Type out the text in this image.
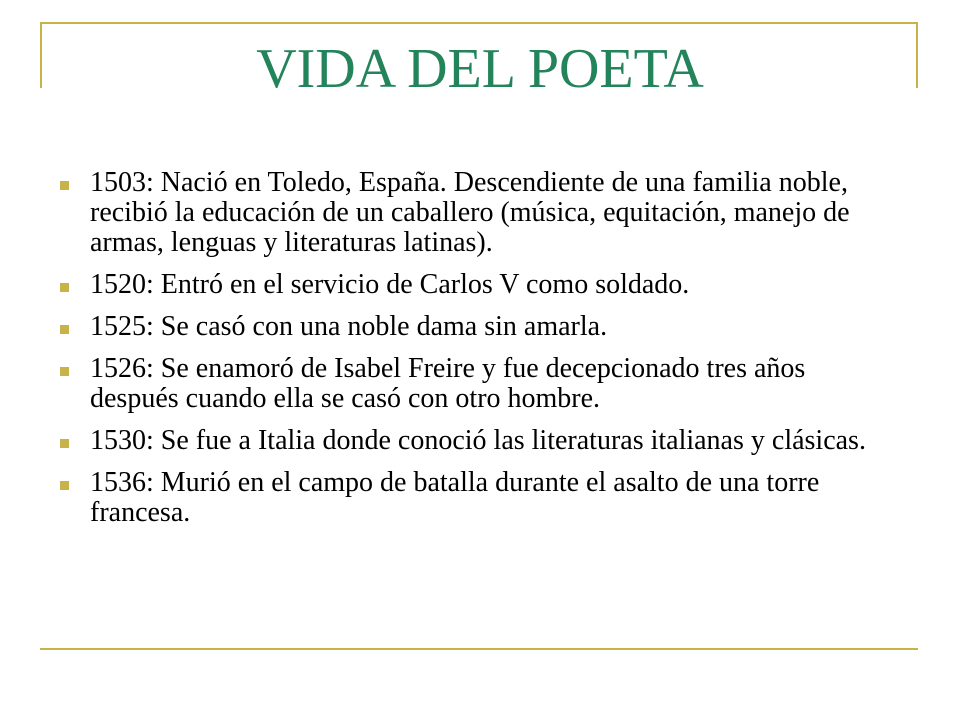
VIDA DEL POETA
1503: Nació en Toledo, España. Descendiente de una familia noble, recibió la educación de un caballero (música, equitación, manejo de armas, lenguas y literaturas latinas).
1520: Entró en el servicio de Carlos V como soldado.
1525: Se casó con una noble dama sin amarla.
1526: Se enamoró de Isabel Freire y fue decepcionado tres años después cuando ella se casó con otro hombre.
1530: Se fue a Italia donde conoció las literaturas italianas y clásicas.
1536: Murió en el campo de batalla durante el asalto de una torre francesa.
